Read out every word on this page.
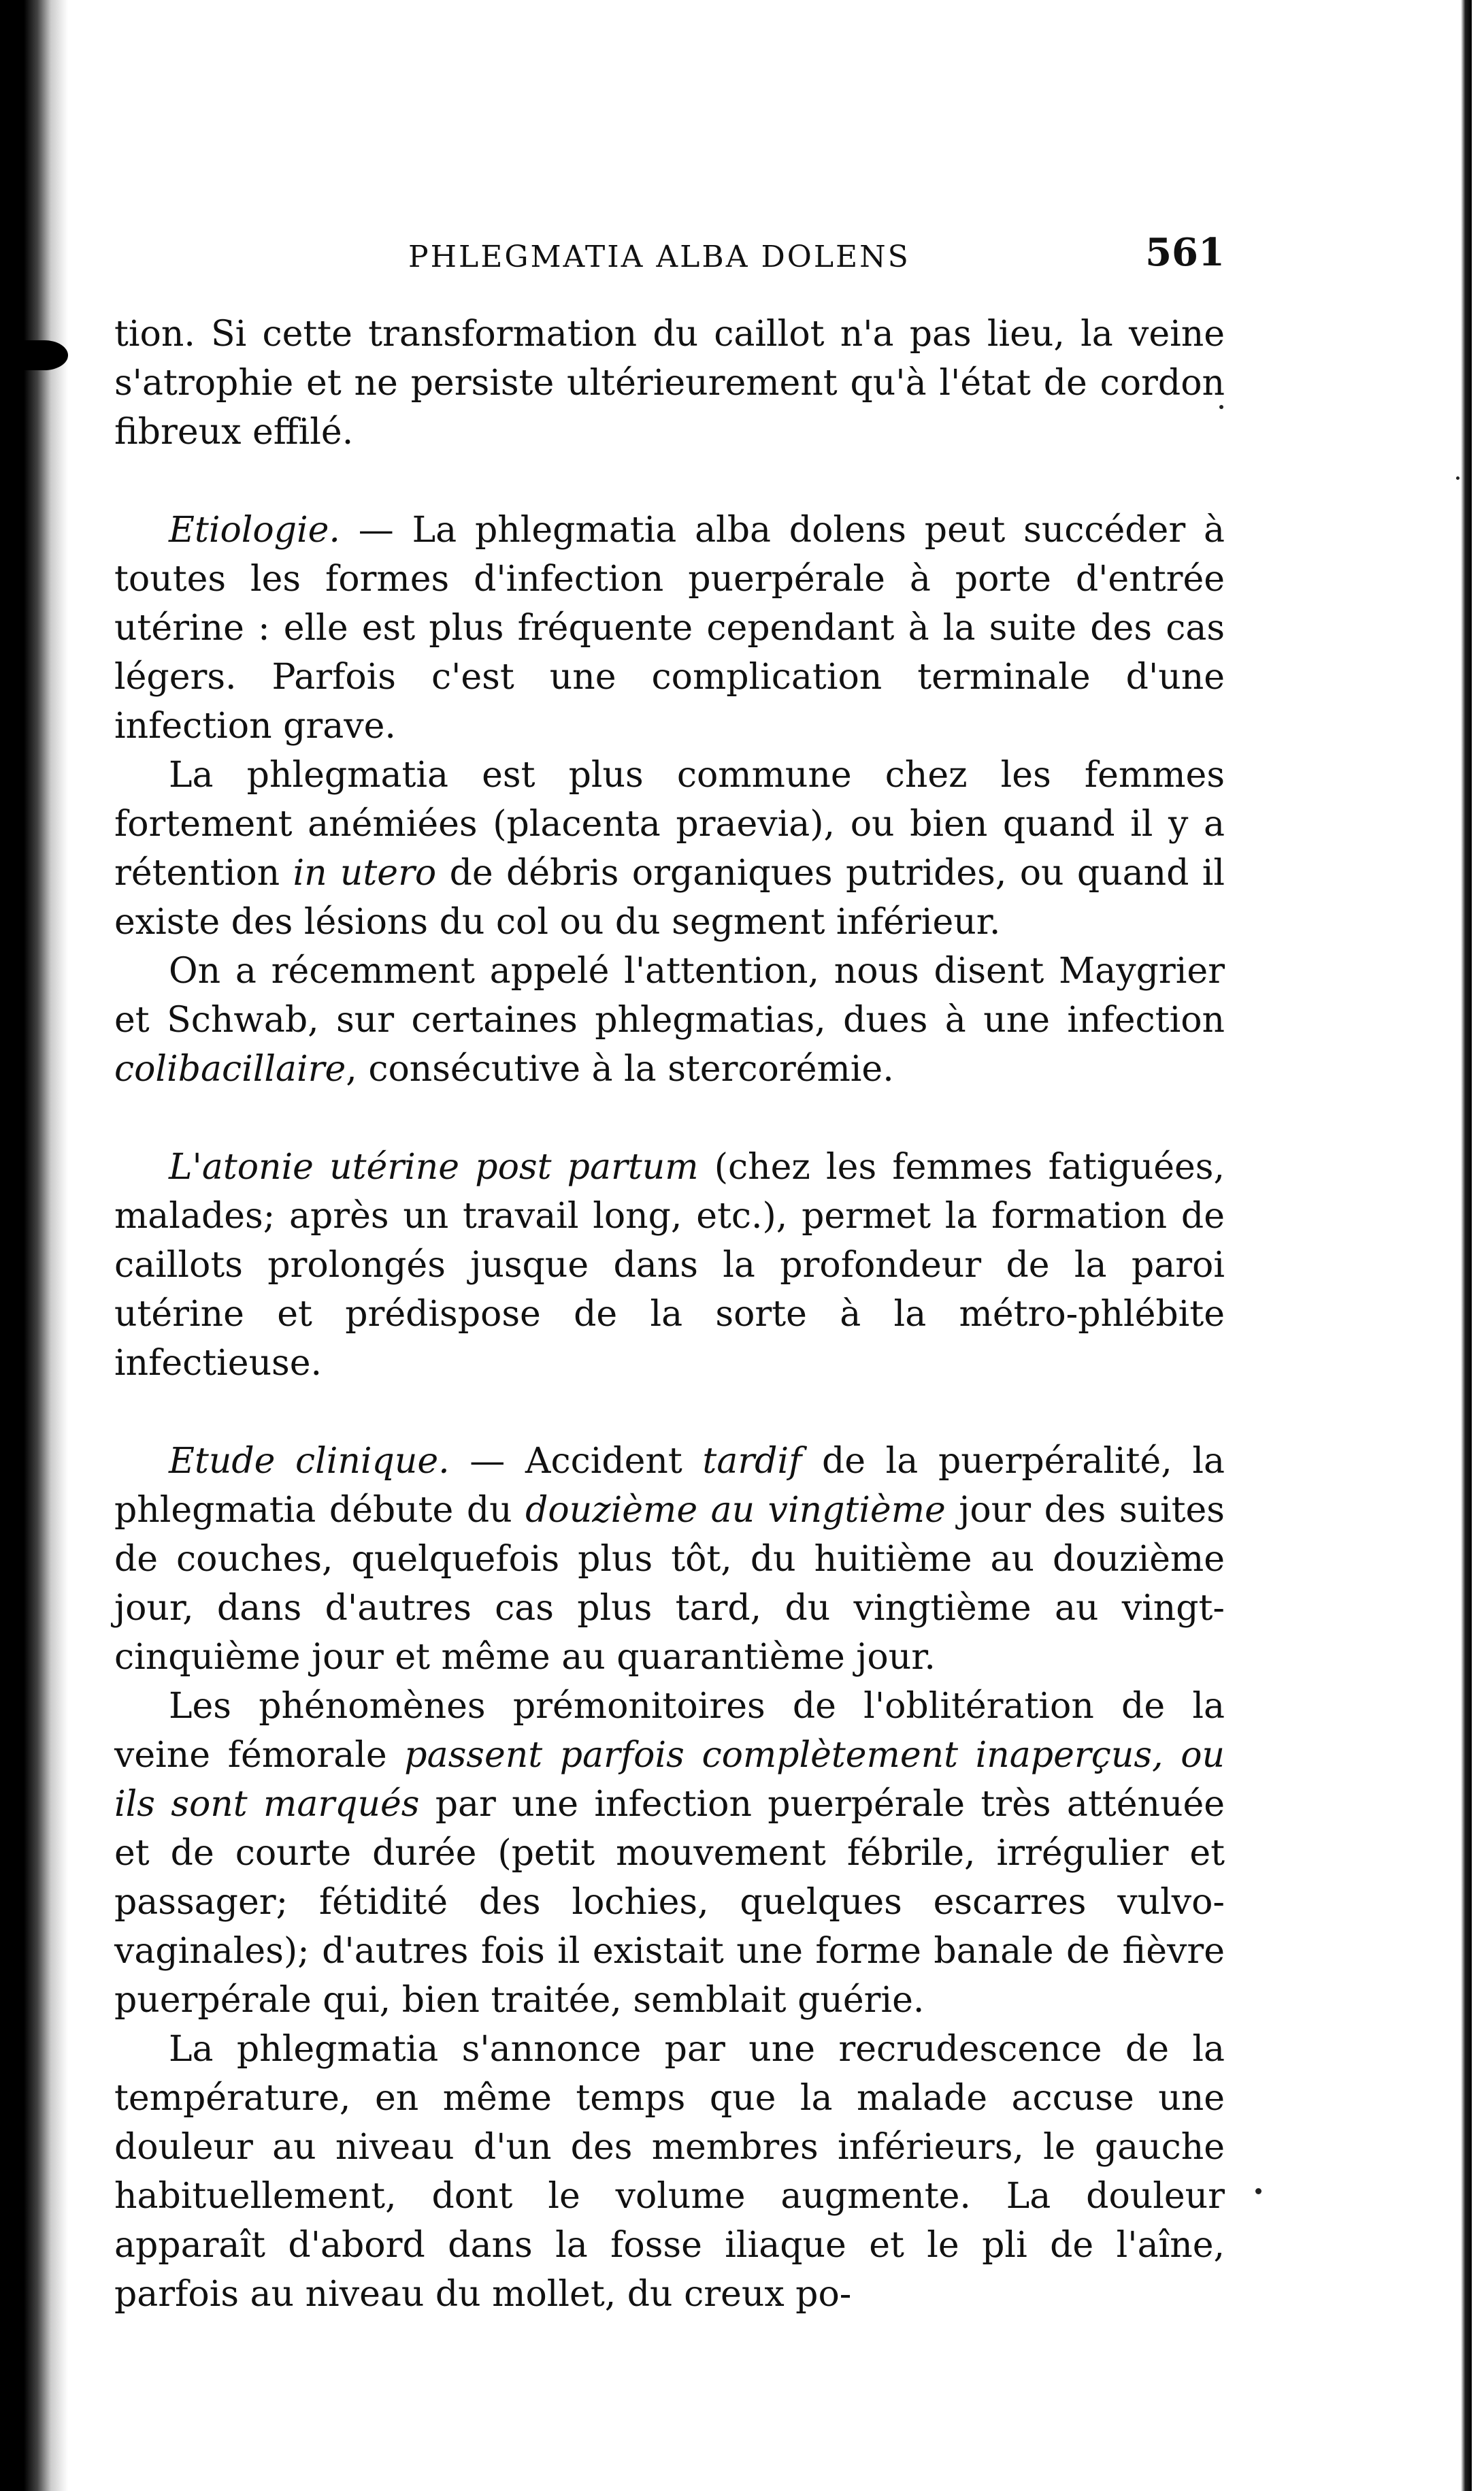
PHLEGMATIA ALBA DOLENS	561

tion. Si cette transformation du caillot n'a pas lieu, la veine s'atrophie et ne persiste ultérieurement qu'à l'état de cordon fibreux effilé.

Etiologie. — La phlegmatia alba dolens peut succéder à toutes les formes d'infection puerpérale à porte d'entrée utérine : elle est plus fréquente cependant à la suite des cas légers. Parfois c'est une complication terminale d'une infection grave.

La phlegmatia est plus commune chez les femmes fortement anémiées (placenta praevia), ou bien quand il y a rétention in utero de débris organiques putrides, ou quand il existe des lésions du col ou du segment inférieur.

On a récemment appelé l'attention, nous disent Maygrier et Schwab, sur certaines phlegmatias, dues à une infection colibacillaire, consécutive à la stercorémie.

L'atonie utérine post partum (chez les femmes fatiguées, malades; après un travail long, etc.), permet la formation de caillots prolongés jusque dans la profondeur de la paroi utérine et prédispose de la sorte à la métro-phlébite infectieuse.

Etude clinique. — Accident tardif de la puerpéralité, la phlegmatia débute du douzième au vingtième jour des suites de couches, quelquefois plus tôt, du huitième au douzième jour, dans d'autres cas plus tard, du vingtième au vingt-cinquième jour et même au quarantième jour.

Les phénomènes prémonitoires de l'oblitération de la veine fémorale passent parfois complètement inaperçus, ou ils sont marqués par une infection puerpérale très atténuée et de courte durée (petit mouvement fébrile, irrégulier et passager; fétidité des lochies, quelques escarres vulvo-vaginales); d'autres fois il existait une forme banale de fièvre puerpérale qui, bien traitée, semblait guérie.

La phlegmatia s'annonce par une recrudescence de la température, en même temps que la malade accuse une douleur au niveau d'un des membres inférieurs, le gauche habituellement, dont le volume augmente. La douleur apparaît d'abord dans la fosse iliaque et le pli de l'aîne, parfois au niveau du mollet, du creux po-
